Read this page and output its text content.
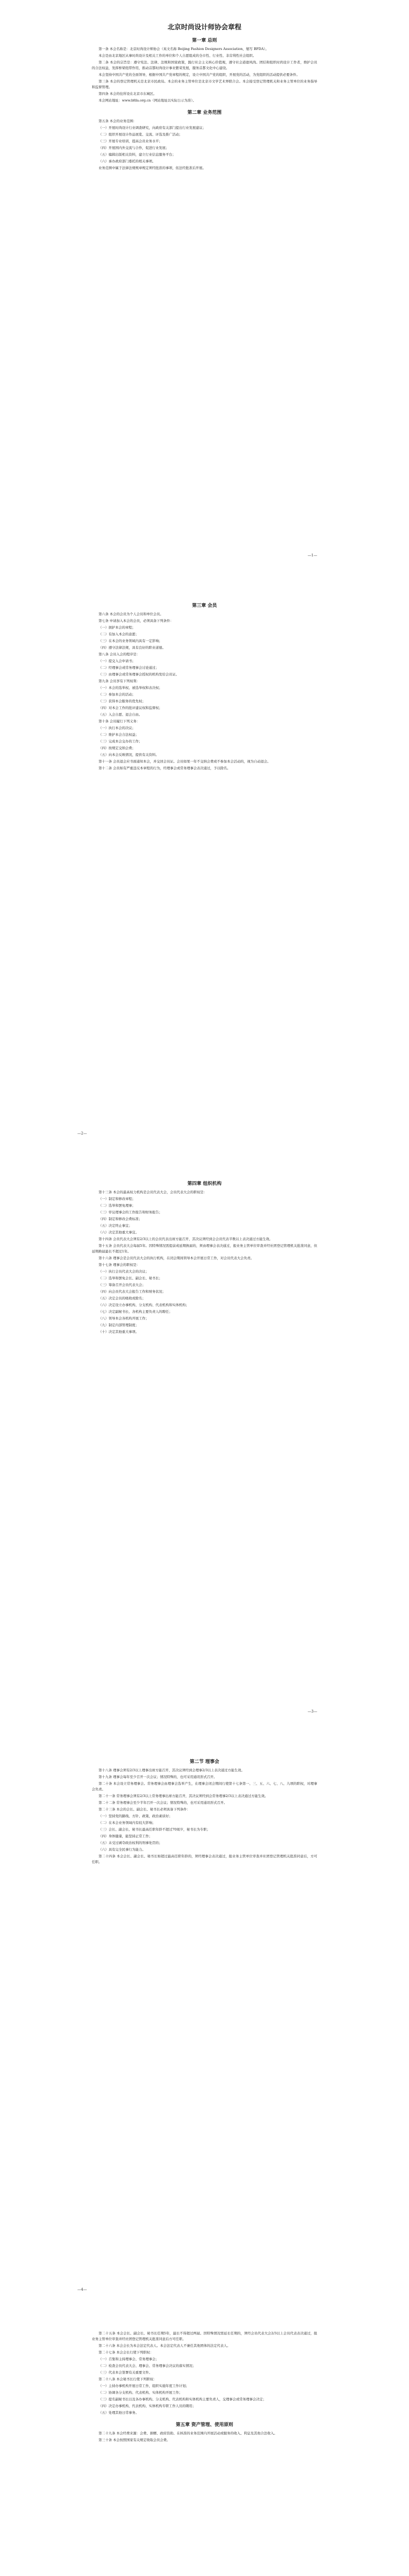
北京时尚设计师协会章程
第一章 总则
第一条 本会名称是：北京时尚设计师协会（英文名称 Beijing Fashion Designers Association，缩写 BFDA）。
本会是由北京地区从事时尚设计及相关工作的单位和个人自愿组成的全市性、行业性、非营利性社会组织。
第二条 本会的宗旨是：遵守宪法、法律、法规和国家政策，践行社会主义核心价值观，遵守社会道德风尚。团结和组织时尚设计工作者，维护会员的合法权益，发挥桥梁纽带作用，推动首都时尚设计事业繁荣发展，服务首都文化中心建设。
本会坚持中国共产党的全面领导，根据中国共产党章程的规定，设立中国共产党的组织，开展党的活动，为党组织的活动提供必要条件。
第三条 本会的登记管理机关是北京市民政局。本会的业务主管单位是北京市文学艺术界联合会。本会接受登记管理机关和业务主管单位的业务指导和监督管理。
第四条 本会的住所设在北京市东城区。
本会网站地址：www.bfda.org.cn（网站地址以实际公示为准）。
第二章 业务范围
第五条 本会的业务范围：
（一）开展时尚设计行业调查研究，向政府有关部门提出行业发展建议；
（二）组织开展设计作品展览、交流、评选及推广活动；
（三）开展专业培训，提高会员业务水平；
（四）开展国内外交流与合作，促进行业发展；
（五）编辑出版相关资料，建立行业信息服务平台；
（六）承办政府部门委托的相关事项。
业务范围中属于法律法规规章规定须经批准的事项，依法经批准后开展。
—1—
第三章 会员
第六条 本会的会员为个人会员和单位会员。
第七条 申请加入本会的会员，必须具备下列条件：
（一）拥护本会的章程；
（二）有加入本会的意愿；
（三）在本会的业务领域内具有一定影响；
（四）遵守法律法规，具有良好的职业道德。
第八条 会员入会的程序是：
（一）提交入会申请书；
（二）经理事会或常务理事会讨论通过；
（三）由理事会或常务理事会授权的机构发给会员证。
第九条 会员享有下列权利：
（一）本会的选举权、被选举权和表决权；
（二）参加本会的活动；
（三）获得本会服务的优先权；
（四）对本会工作的批评建议权和监督权；
（五）入会自愿、退会自由。
第十条 会员履行下列义务：
（一）执行本会的决议；
（二）维护本会合法权益；
（三）完成本会交办的工作；
（四）按规定交纳会费；
（五）向本会反映情况，提供有关资料。
第十一条 会员退会应书面通知本会，并交回会员证。会员如果一年不交纳会费或不参加本会活动的，视为自动退会。
第十二条 会员如有严重违反本章程的行为，经理事会或常务理事会表决通过，予以除名。
—2—
第四章 组织机构
第十三条 本会的最高权力机构是会员代表大会，会员代表大会的职权是：
（一）制定和修改章程；
（二）选举和罢免理事；
（三）审议理事会的工作报告和财务报告；
（四）制定和修改会费标准；
（五）决定终止事宜；
（六）决定其他重大事宜。
第十四条 会员代表大会须有2/3以上的会员代表出席方能召开，其决议须经到会会员代表半数以上表决通过方能生效。
第十五条 会员代表大会每届5年。因特殊情况需提前或延期换届的，须由理事会表决通过，报业务主管单位审查并经社团登记管理机关批准同意，但延期换届最长不超过1年。
第十六条 理事会是会员代表大会的执行机构，在闭会期间领导本会开展日常工作，对会员代表大会负责。
第十七条 理事会的职权是：
（一）执行会员代表大会的决议；
（二）选举和罢免会长、副会长、秘书长；
（三）筹备召开会员代表大会；
（四）向会员代表大会报告工作和财务状况；
（五）决定会员的吸收或除名；
（六）决定设立办事机构、分支机构、代表机构和实体机构；
（七）决定副秘书长、各机构主要负责人的聘任；
（八）领导本会各机构开展工作；
（九）制定内部管理制度；
（十）决定其他重大事项。
—3—
第二节 理事会
第十八条 理事会须有2/3以上理事出席方能召开，其决议须经到会理事2/3以上表决通过方能生效。
第十九条 理事会每年至少召开一次会议；情况特殊的，也可采用通讯形式召开。
第二十条 本会设立常务理事会。常务理事会由理事会选举产生，在理事会闭会期间行使第十七条第一、三、五、六、七、八、九项的职权，对理事会负责。
第二十一条 常务理事会须有2/3以上常务理事出席方能召开，其决议须经到会常务理事2/3以上表决通过方能生效。
第二十二条 常务理事会至少半年召开一次会议；情况特殊的，也可采用通讯形式召开。
第二十三条 本会的会长、副会长、秘书长必须具备下列条件：
（一）坚持党的路线、方针、政策，政治素质好；
（二）在本会业务领域内有较大影响；
（三）会长、副会长、秘书长最高任职年龄不超过70周岁，秘书长为专职；
（四）身体健康，能坚持正常工作；
（五）未受过剥夺政治权利的刑事处罚的；
（六）具有完全民事行为能力。
第二十四条 本会会长、副会长、秘书长如超过最高任职年龄的，须经理事会表决通过，报业务主管单位审查并社团登记管理机关批准同意后，方可任职。
—4—
第二十五条 本会会长、副会长、秘书长任期5年，最长不得超过两届。因特殊情况需延长任期的，须经会员代表大会2/3以上会员代表表决通过，报业务主管单位审查并经社团登记管理机关批准同意后方可任职。
第二十六条 本会会长为本会法定代表人。本会法定代表人不兼任其他团体的法定代表人。
第二十七条 本会会长行使下列职权：
（一）召集和主持理事会、常务理事会；
（二）检查会员代表大会、理事会、常务理事会决议的落实情况；
（三）代表本会签署有关重要文件。
第二十八条 本会秘书长行使下列职权：
（一）主持办事机构开展日常工作，组织实施年度工作计划；
（二）协调各分支机构、代表机构、实体机构开展工作；
（三）提名副秘书长以及各办事机构、分支机构、代表机构和实体机构主要负责人，交理事会或常务理事会决定；
（四）决定办事机构、代表机构、实体机构专职工作人员的聘用；
（五）处理其他日常事务。
第五章 资产管理、使用原则
第二十九条 本会经费来源：会费、捐赠、政府资助、在核准的业务范围内开展活动或服务的收入、利息及其他合法收入。
第三十条 本会按照国家有关规定收取会员会费。
